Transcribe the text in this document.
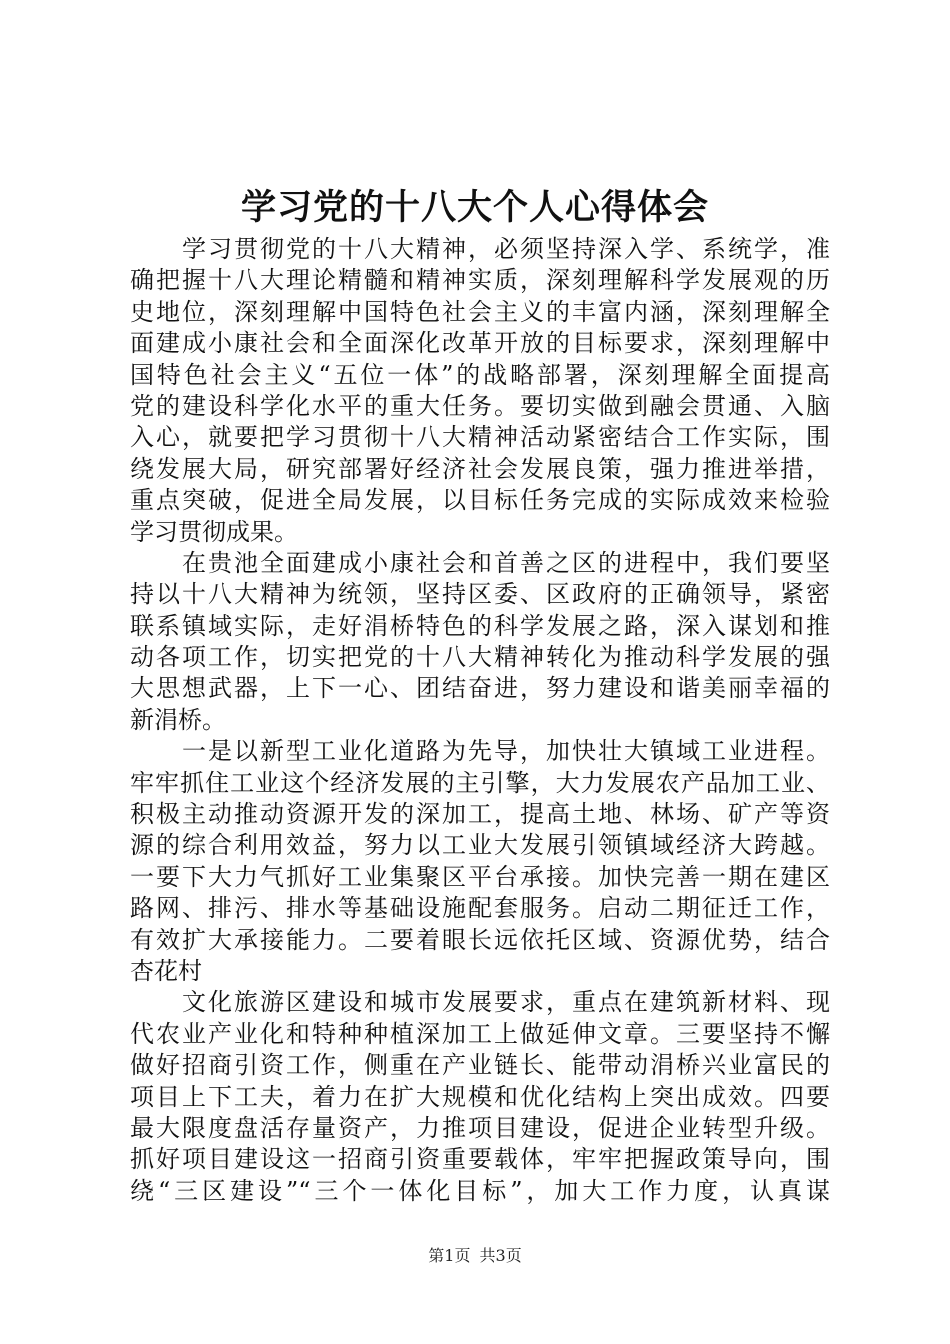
学习党的十八大个人心得体会
　　学习贯彻党的十八大精神，必须坚持深入学、系统学，准
确把握十八大理论精髓和精神实质，深刻理解科学发展观的历
史地位，深刻理解中国特色社会主义的丰富内涵，深刻理解全
面建成小康社会和全面深化改革开放的目标要求，深刻理解中
国特色社会主义“五位一体”的战略部署，深刻理解全面提高
党的建设科学化水平的重大任务。要切实做到融会贯通、入脑
入心，就要把学习贯彻十八大精神活动紧密结合工作实际，围
绕发展大局，研究部署好经济社会发展良策，强力推进举措，
重点突破，促进全局发展，以目标任务完成的实际成效来检验
学习贯彻成果。
　　在贵池全面建成小康社会和首善之区的进程中，我们要坚
持以十八大精神为统领，坚持区委、区政府的正确领导，紧密
联系镇域实际，走好涓桥特色的科学发展之路，深入谋划和推
动各项工作，切实把党的十八大精神转化为推动科学发展的强
大思想武器，上下一心、团结奋进，努力建设和谐美丽幸福的
新涓桥。
　　一是以新型工业化道路为先导，加快壮大镇域工业进程。
牢牢抓住工业这个经济发展的主引擎，大力发展农产品加工业、
积极主动推动资源开发的深加工，提高土地、林场、矿产等资
源的综合利用效益，努力以工业大发展引领镇域经济大跨越。
一要下大力气抓好工业集聚区平台承接。加快完善一期在建区
路网、排污、排水等基础设施配套服务。启动二期征迁工作，
有效扩大承接能力。二要着眼长远依托区域、资源优势，结合
杏花村
　　文化旅游区建设和城市发展要求，重点在建筑新材料、现
代农业产业化和特种种植深加工上做延伸文章。三要坚持不懈
做好招商引资工作，侧重在产业链长、能带动涓桥兴业富民的
项目上下工夫，着力在扩大规模和优化结构上突出成效。四要
最大限度盘活存量资产，力推项目建设，促进企业转型升级。
抓好项目建设这一招商引资重要载体，牢牢把握政策导向，围
绕“三区建设”“三个一体化目标”，加大工作力度，认真谋
第1页 共3页
